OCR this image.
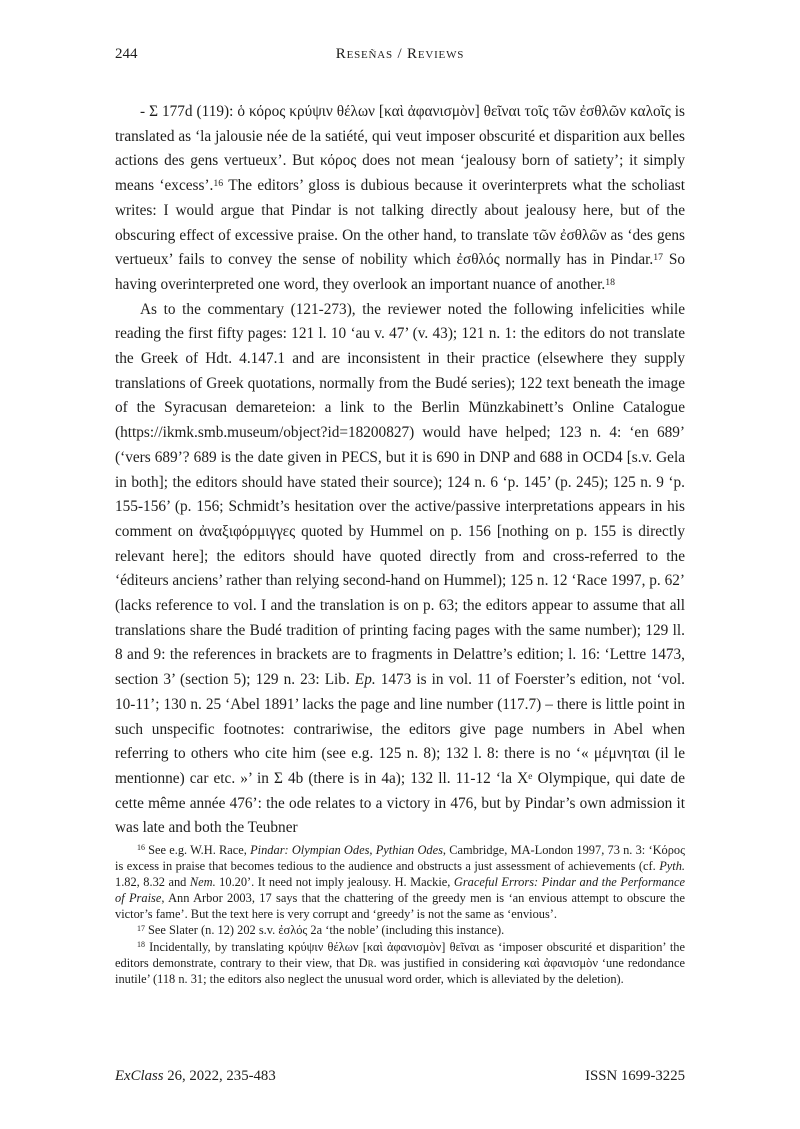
244	Reseñas / Reviews

- Σ 177d (119): ὁ κόρος κρύψιν θέλων [καὶ ἀφανισμὸν] θεῖναι τοῖς τῶν ἐσθλῶν καλοῖς is translated as ‘la jalousie née de la satiété, qui veut imposer obscurité et disparition aux belles actions des gens vertueux’. But κόρος does not mean ‘jealousy born of satiety’; it simply means ‘excess’.$^{16}$ The editors’ gloss is dubious because it overinterprets what the scholiast writes: I would argue that Pindar is not talking directly about jealousy here, but of the obscuring effect of excessive praise. On the other hand, to translate τῶν ἐσθλῶν as ‘des gens vertueux’ fails to convey the sense of nobility which ἐσθλός normally has in Pindar.$^{17}$ So having overinterpreted one word, they overlook an important nuance of another.$^{18}$

As to the commentary (121-273), the reviewer noted the following infelicities while reading the first fifty pages: 121 l. 10 ‘au v. 47’ (v. 43); 121 n. 1: the editors do not translate the Greek of Hdt. 4.147.1 and are inconsistent in their practice (elsewhere they supply translations of Greek quotations, normally from the Budé series); 122 text beneath the image of the Syracusan demareteion: a link to the Berlin Münzkabinett’s Online Catalogue (https://ikmk.smb.museum/object?id=18200827) would have helped; 123 n. 4: ‘en 689’ (‘vers 689’? 689 is the date given in PECS, but it is 690 in DNP and 688 in OCD4 [s.v. Gela in both]; the editors should have stated their source); 124 n. 6 ‘p. 145’ (p. 245); 125 n. 9 ‘p. 155-156’ (p. 156; Schmidt’s hesitation over the active/passive interpretations appears in his comment on ἀναξιφόρμιγγες quoted by Hummel on p. 156 [nothing on p. 155 is directly relevant here]; the editors should have quoted directly from and cross-referred to the ‘éditeurs anciens’ rather than relying second-hand on Hummel); 125 n. 12 ‘Race 1997, p. 62’ (lacks reference to vol. I and the translation is on p. 63; the editors appear to assume that all translations share the Budé tradition of printing facing pages with the same number); 129 ll. 8 and 9: the references in brackets are to fragments in Delattre’s edition; l. 16: ‘Lettre 1473, section 3’ (section 5); 129 n. 23: Lib. Ep. 1473 is in vol. 11 of Foerster’s edition, not ‘vol. 10-11’; 130 n. 25 ‘Abel 1891’ lacks the page and line number (117.7) – there is little point in such unspecific footnotes: contrariwise, the editors give page numbers in Abel when referring to others who cite him (see e.g. 125 n. 8); 132 l. 8: there is no ‘« μέμνηται (il le mentionne) car etc. »’ in Σ 4b (there is in 4a); 132 ll. 11-12 ‘la Xe Olympique, qui date de cette même année 476’: the ode relates to a victory in 476, but by Pindar’s own admission it was late and both the Teubner

$^{16}$ See e.g. W.H. Race, Pindar: Olympian Odes, Pythian Odes, Cambridge, MA-London 1997, 73 n. 3: ‘Κόρος is excess in praise that becomes tedious to the audience and obstructs a just assessment of achievements (cf. Pyth. 1.82, 8.32 and Nem. 10.20’. It need not imply jealousy. H. Mackie, Graceful Errors: Pindar and the Performance of Praise, Ann Arbor 2003, 17 says that the chattering of the greedy men is ‘an envious attempt to obscure the victor’s fame’. But the text here is very corrupt and ‘greedy’ is not the same as ‘envious’.

$^{17}$ See Slater (n. 12) 202 s.v. ἐσλός 2a ‘the noble’ (including this instance).

$^{18}$ Incidentally, by translating κρύψιν θέλων [καὶ ἀφανισμὸν] θεῖναι as ‘imposer obscurité et disparition’ the editors demonstrate, contrary to their view, that Dr. was justified in considering καὶ ἀφανισμὸν ‘une redondance inutile’ (118 n. 31; the editors also neglect the unusual word order, which is alleviated by the deletion).

ExClass 26, 2022, 235-483	ISSN 1699-3225
